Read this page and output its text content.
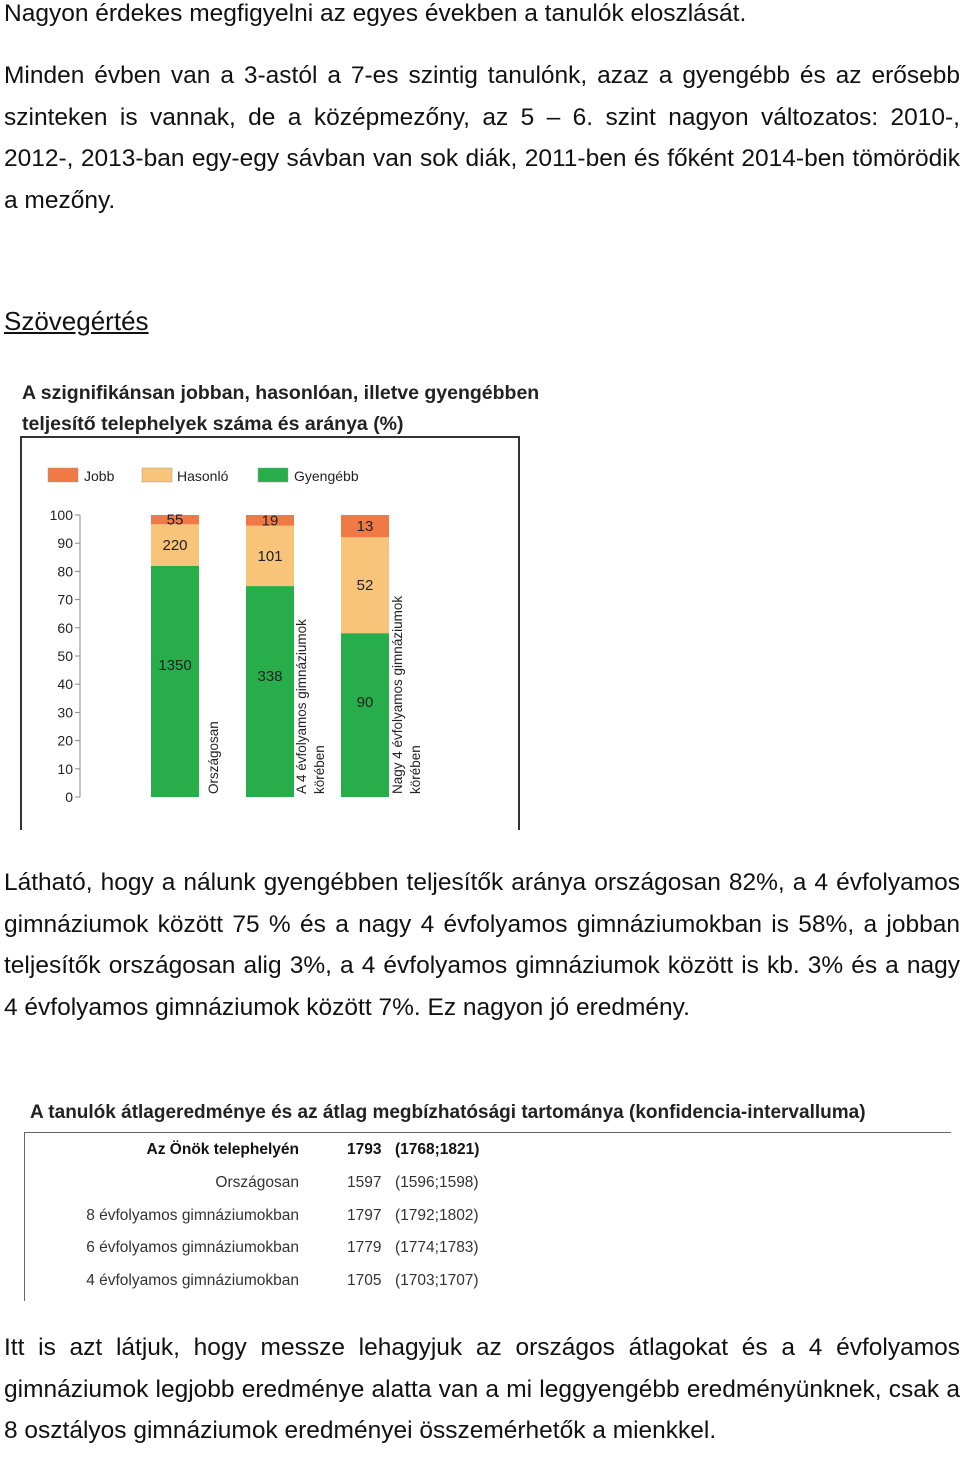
Nagyon érdekes megfigyelni az egyes években a tanulók eloszlását.

Minden évben van a 3-astól a 7-es szintig tanulónk, azaz a gyengébb és az erősebb szinteken is vannak, de a középmezőny, az 5 – 6. szint nagyon változatos: 2010-, 2012-, 2013-ban egy-egy sávban van sok diák, 2011-ben és főként 2014-ben tömörödik a mezőny.

Szövegértés

A szignifikánsan jobban, hasonlóan, illetve gyengébben
teljesítő telephelyek száma és aránya (%)
Jobb	Hasonló	Gyengébb
0
10
20
30
40
50
60
70
80
90
100
1350
220
55
338
101
19
90
52
13
Országosan	A 4 évfolyamos gimnáziumok körében	Nagy 4 évfolyamos gimnáziumok körében

Látható, hogy a nálunk gyengébben teljesítők aránya országosan 82%, a 4 évfolyamos gimnáziumok között 75 % és a nagy 4 évfolyamos gimnáziumokban is 58%, a jobban teljesítők országosan alig 3%, a 4 évfolyamos gimnáziumok között is kb. 3% és a nagy 4 évfolyamos gimnáziumok között 7%. Ez nagyon jó eredmény.

A tanulók átlageredménye és az átlag megbízhatósági tartománya (konfidencia-intervalluma)
Az Önök telephelyén	1793 (1768;1821)
Országosan	1597 (1596;1598)
8 évfolyamos gimnáziumokban	1797 (1792;1802)
6 évfolyamos gimnáziumokban	1779 (1774;1783)
4 évfolyamos gimnáziumokban	1705 (1703;1707)

Itt is azt látjuk, hogy messze lehagyjuk az országos átlagokat és a 4 évfolyamos gimnáziumok legjobb eredménye alatta van a mi leggyengébb eredményünknek, csak a 8 osztályos gimnáziumok eredményei összemérhetők a mienkkel.
